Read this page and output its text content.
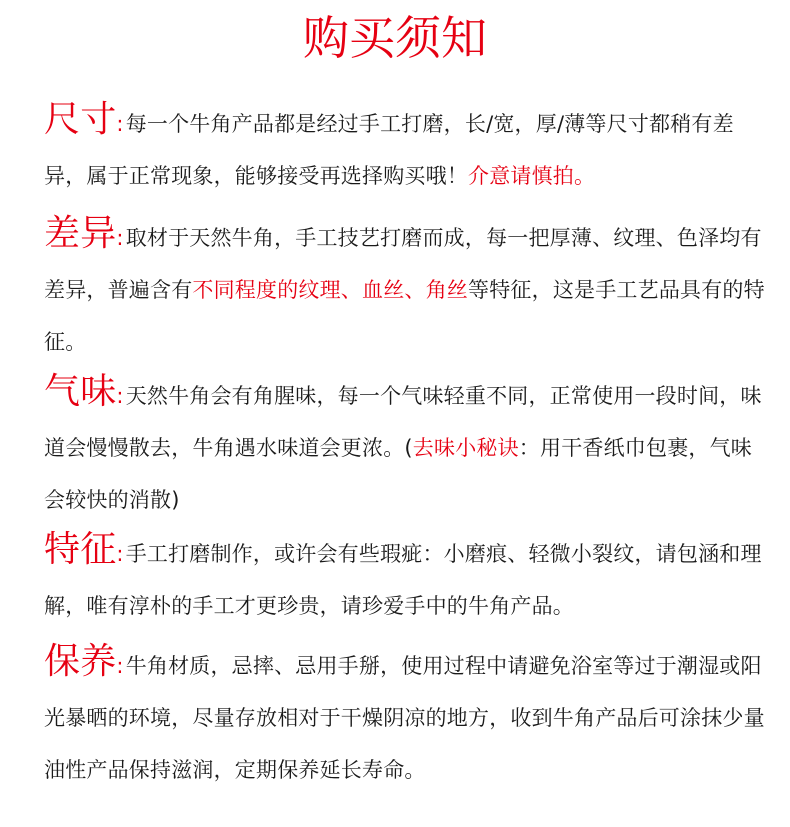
购买须知

尺寸:每一个牛角产品都是经过手工打磨，长/宽，厚/薄等尺寸都稍有差异，属于正常现象，能够接受再选择购买哦！介意请慎拍。

差异:取材于天然牛角，手工技艺打磨而成，每一把厚薄、纹理、色泽均有差异，普遍含有不同程度的纹理、血丝、角丝等特征，这是手工艺品具有的特征。

气味:天然牛角会有角腥味，每一个气味轻重不同，正常使用一段时间，味道会慢慢散去，牛角遇水味道会更浓。(去味小秘诀：用干香纸巾包裹，气味会较快的消散)

特征:手工打磨制作，或许会有些瑕疵：小磨痕、轻微小裂纹，请包涵和理解，唯有淳朴的手工才更珍贵，请珍爱手中的牛角产品。

保养:牛角材质，忌摔、忌用手掰，使用过程中请避免浴室等过于潮湿或阳光暴晒的环境，尽量存放相对于干燥阴凉的地方，收到牛角产品后可涂抹少量油性产品保持滋润，定期保养延长寿命。
